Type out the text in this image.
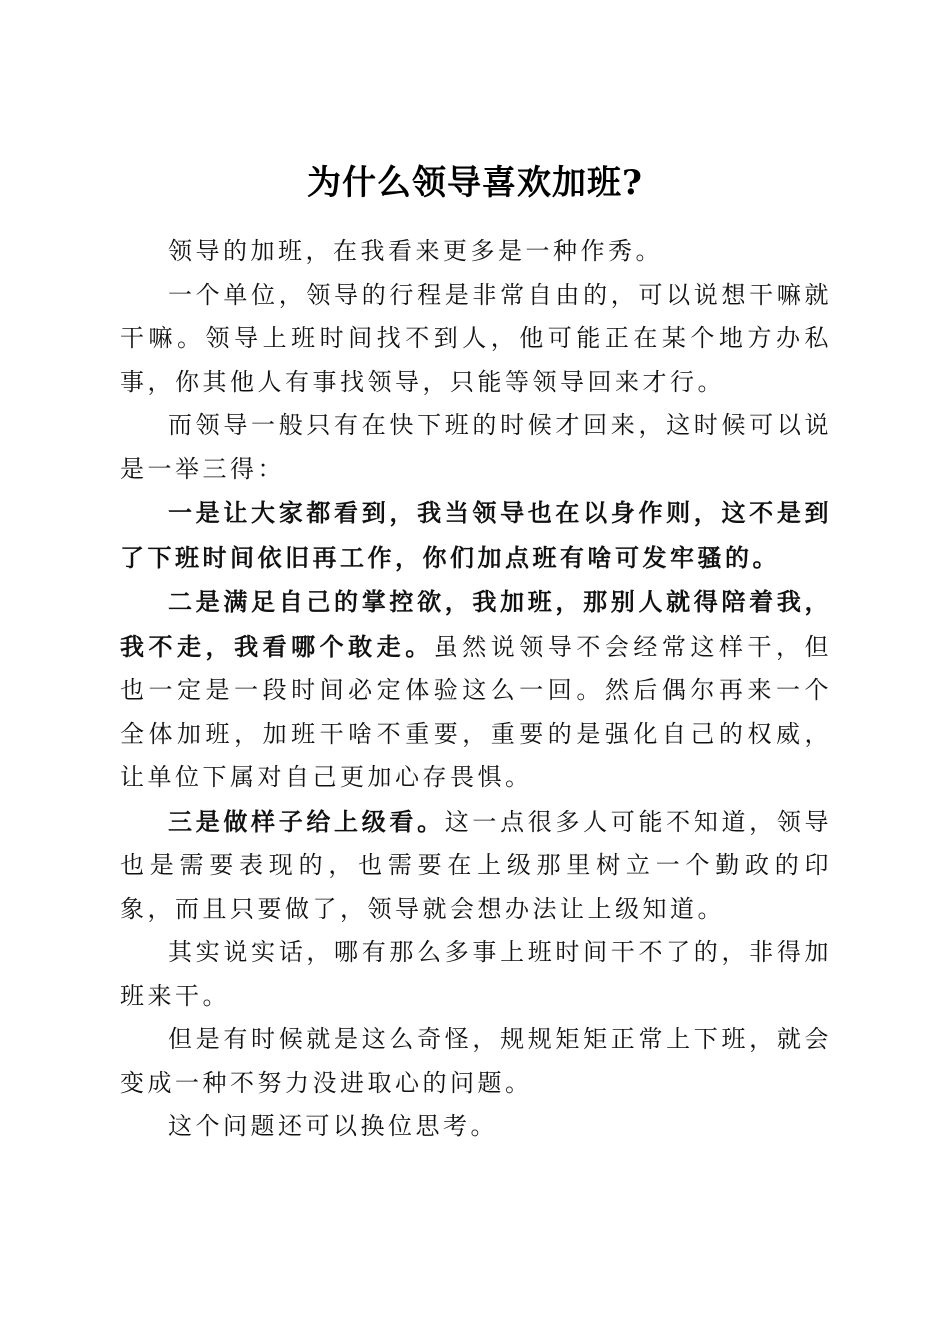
为什么领导喜欢加班?

领导的加班，在我看来更多是一种作秀。

一个单位，领导的行程是非常自由的，可以说想干嘛就干嘛。领导上班时间找不到人，他可能正在某个地方办私事，你其他人有事找领导，只能等领导回来才行。

而领导一般只有在快下班的时候才回来，这时候可以说是一举三得：

一是让大家都看到，我当领导也在以身作则，这不是到了下班时间依旧再工作，你们加点班有啥可发牢骚的。

二是满足自己的掌控欲，我加班，那别人就得陪着我，我不走，我看哪个敢走。虽然说领导不会经常这样干，但也一定是一段时间必定体验这么一回。然后偶尔再来一个全体加班，加班干啥不重要，重要的是强化自己的权威，让单位下属对自己更加心存畏惧。

三是做样子给上级看。这一点很多人可能不知道，领导也是需要表现的，也需要在上级那里树立一个勤政的印象，而且只要做了，领导就会想办法让上级知道。

其实说实话，哪有那么多事上班时间干不了的，非得加班来干。

但是有时候就是这么奇怪，规规矩矩正常上下班，就会变成一种不努力没进取心的问题。

这个问题还可以换位思考。
